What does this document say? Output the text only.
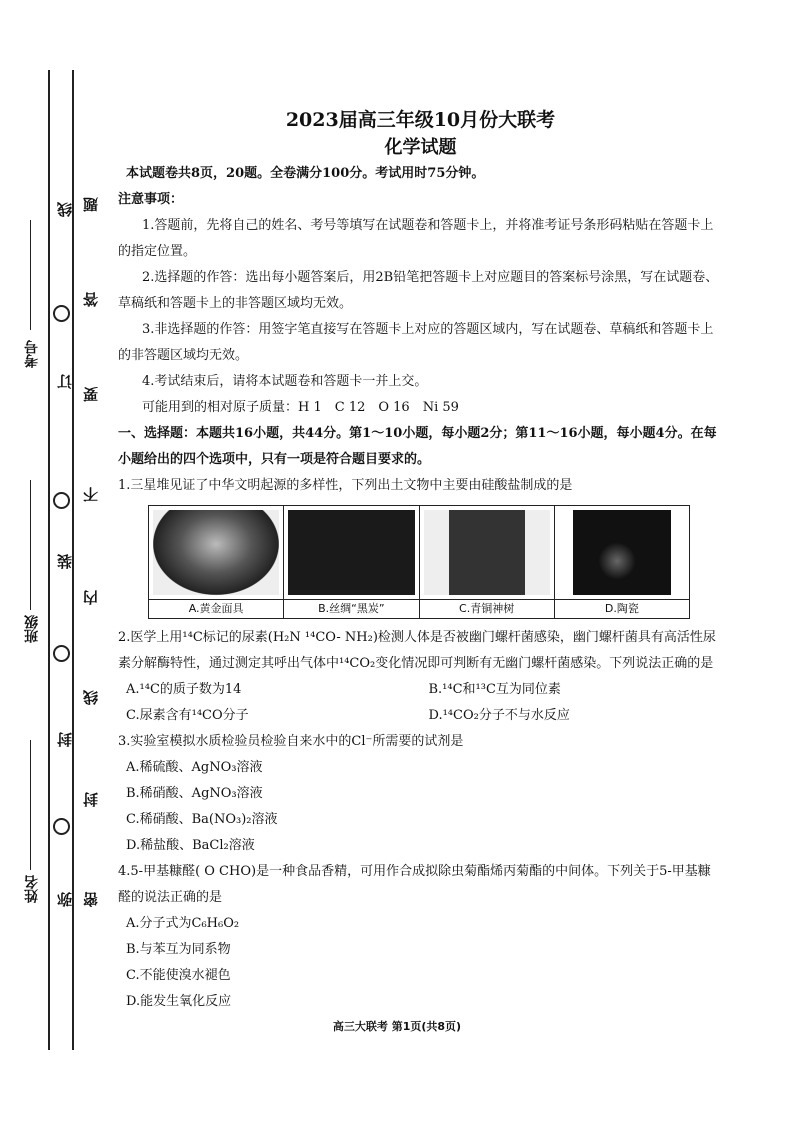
考号
班级
姓名
线
订
装
封
弥
题
答
要
不
内
线
封
密
2023届高三年级10月份大联考
化学试题

本试题卷共8页，20题。全卷满分100分。考试用时75分钟。

注意事项：

1.答题前，先将自己的姓名、考号等填写在试题卷和答题卡上，并将准考证号条形码粘贴在答题卡上的指定位置。

2.选择题的作答：选出每小题答案后，用2B铅笔把答题卡上对应题目的答案标号涂黑，写在试题卷、草稿纸和答题卡上的非答题区域均无效。

3.非选择题的作答：用签字笔直接写在答题卡上对应的答题区域内，写在试题卷、草稿纸和答题卡上的非答题区域均无效。

4.考试结束后，请将本试题卷和答题卡一并上交。

可能用到的相对原子质量：H 1　C 12　O 16　Ni 59

一、选择题：本题共16小题，共44分。第1～10小题，每小题2分；第11～16小题，每小题4分。在每小题给出的四个选项中，只有一项是符合题目要求的。

1.三星堆见证了中华文明起源的多样性，下列出土文物中主要由硅酸盐制成的是

A.黄金面具	B.丝绸“黑炭”	C.青铜神树	D.陶瓷

2.医学上用¹⁴C标记的尿素(H₂N ¹⁴CO- NH₂)检测人体是否被幽门螺杆菌感染，幽门螺杆菌具有高活性尿素分解酶特性，通过测定其呼出气体中¹⁴CO₂变化情况即可判断有无幽门螺杆菌感染。下列说法正确的是

A.¹⁴C的质子数为14	B.¹⁴C和¹³C互为同位素
C.尿素含有¹⁴CO分子	D.¹⁴CO₂分子不与水反应

3.实验室模拟水质检验员检验自来水中的Cl⁻所需要的试剂是

A.稀硫酸、AgNO₃溶液

B.稀硝酸、AgNO₃溶液

C.稀硝酸、Ba(NO₃)₂溶液

D.稀盐酸、BaCl₂溶液

4.5-甲基糠醛( O CHO)是一种食品香精，可用作合成拟除虫菊酯烯丙菊酯的中间体。下列关于5-甲基糠醛的说法正确的是

A.分子式为C₆H₆O₂

B.与苯互为同系物

C.不能使溴水褪色

D.能发生氧化反应

高三大联考 第1页(共8页)
